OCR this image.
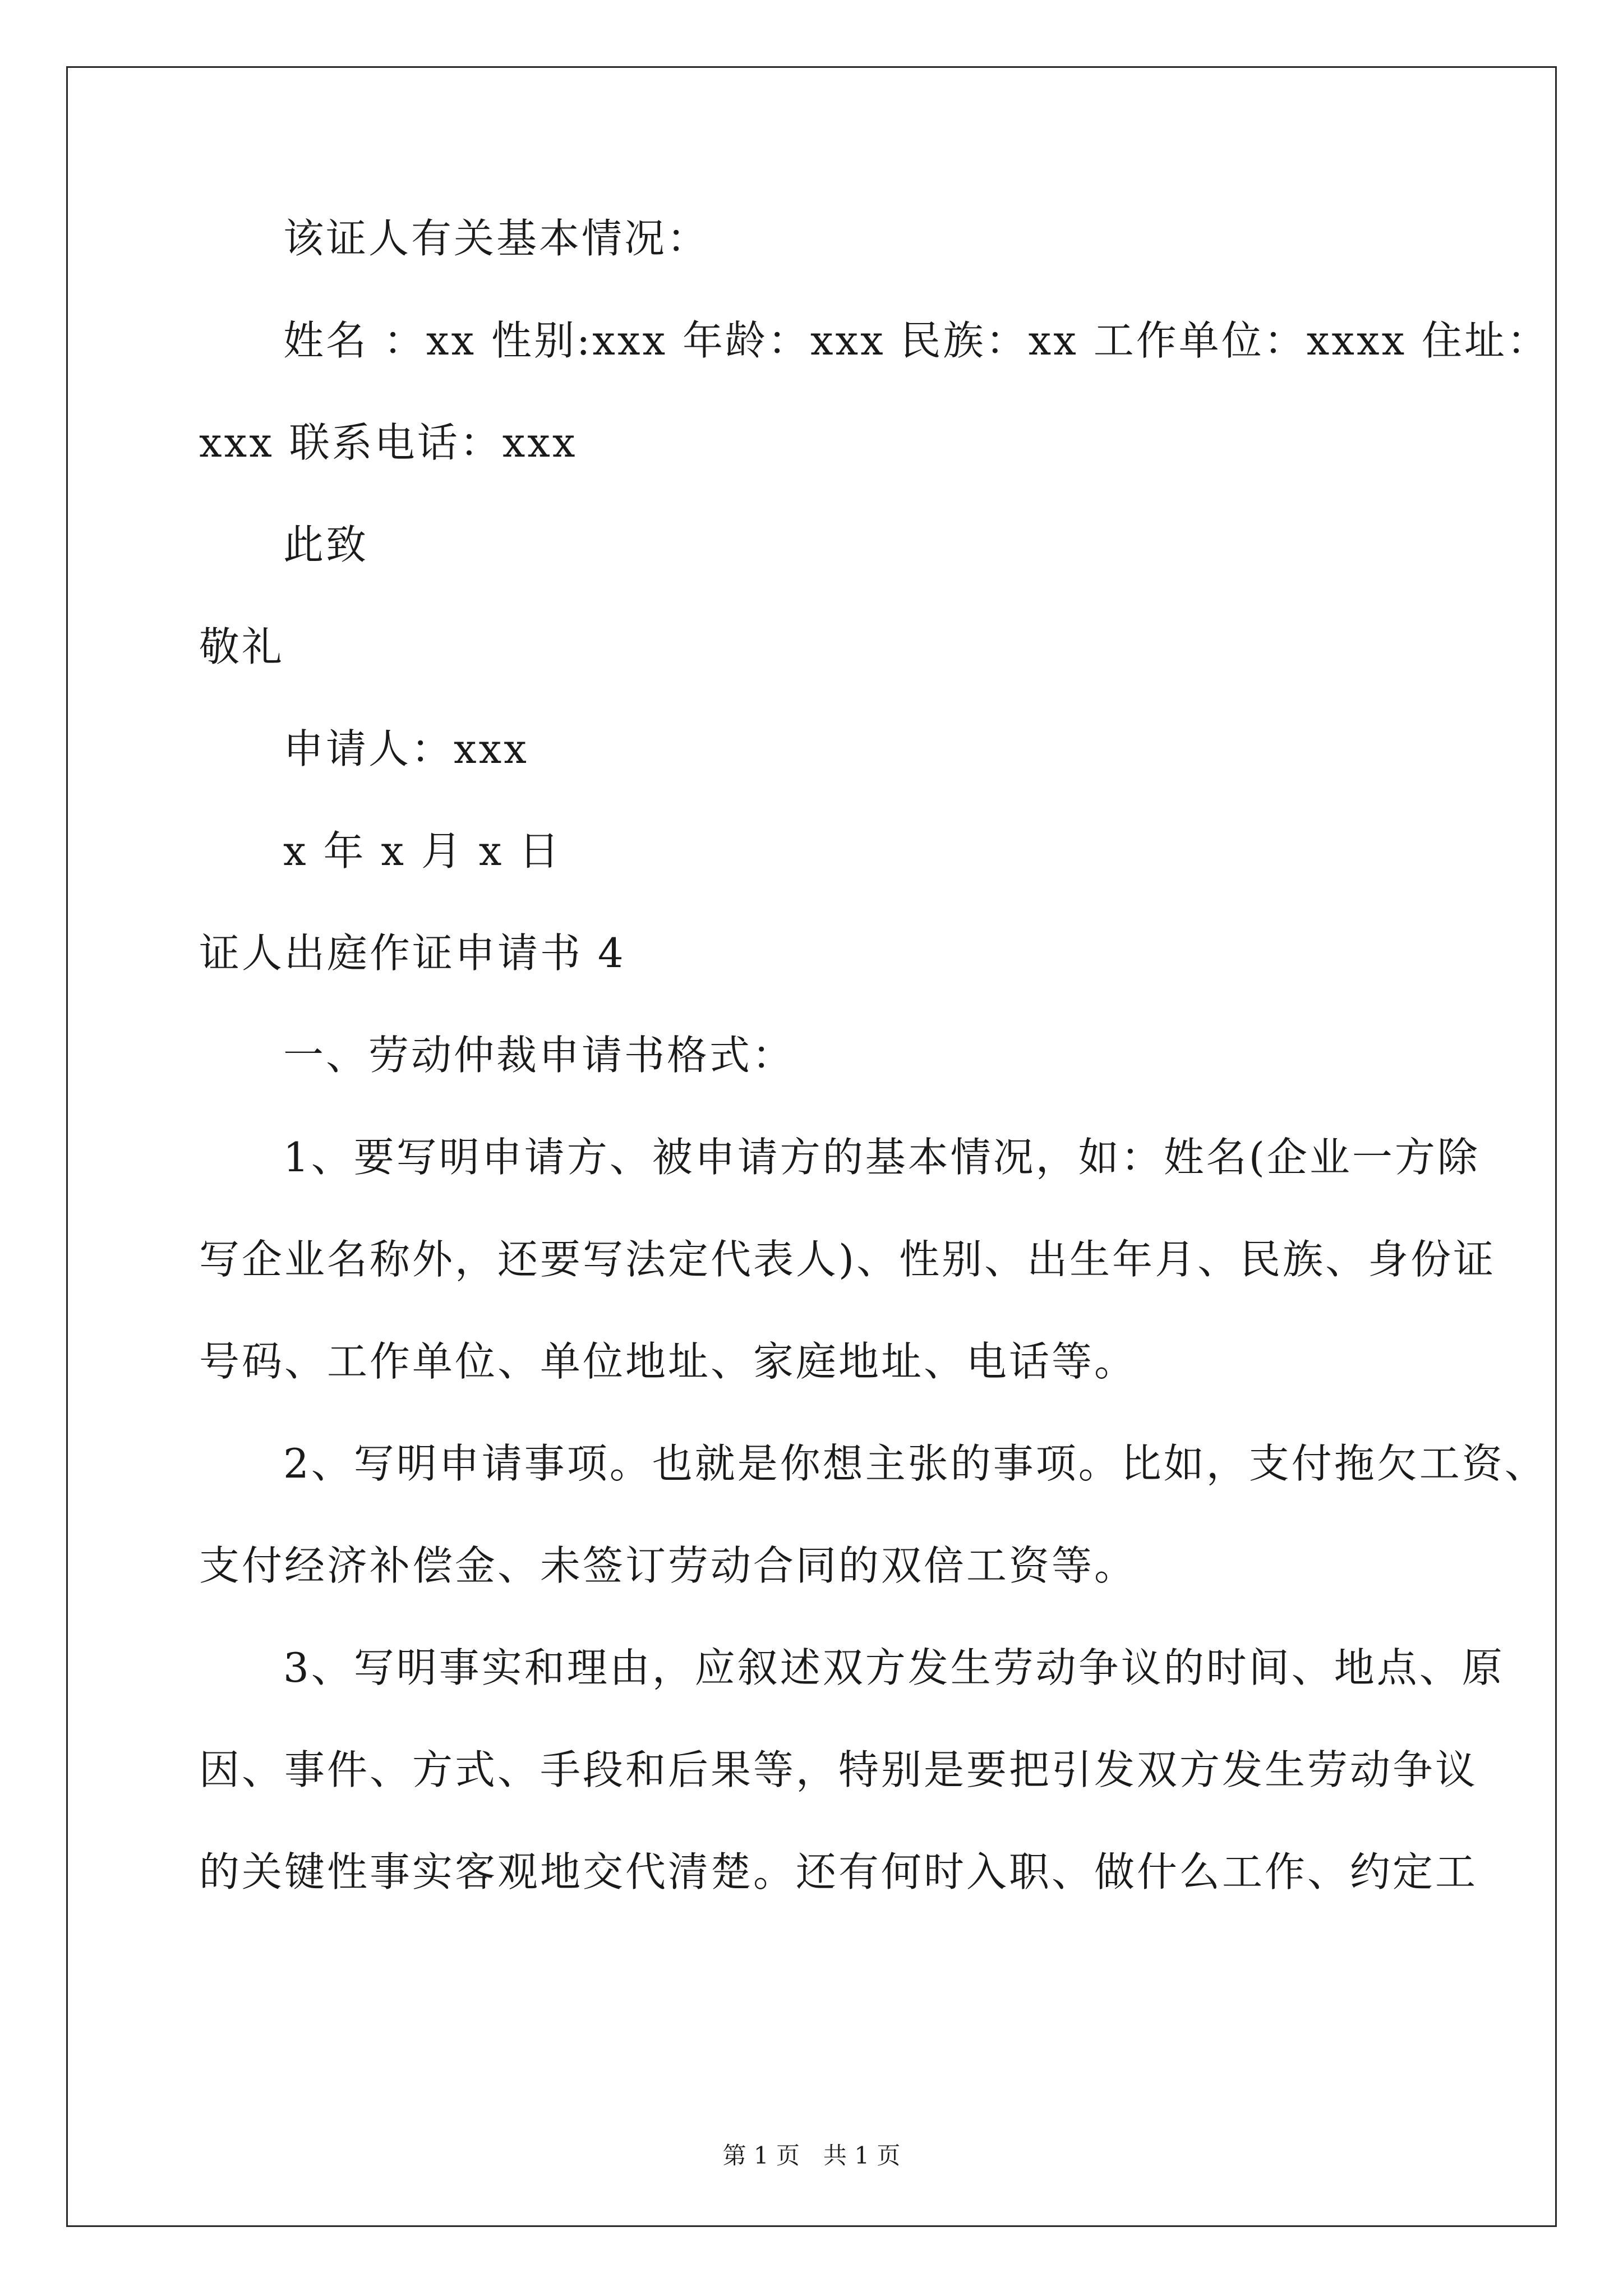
该证人有关基本情况：
姓名 ：xx 性别:xxx 年龄：xxx 民族：xx 工作单位：xxxx 住址：
xxx 联系电话：xxx
此致
敬礼
申请人：xxx
x 年 x 月 x 日
证人出庭作证申请书 4
一、劳动仲裁申请书格式：
1、要写明申请方、被申请方的基本情况，如：姓名(企业一方除
写企业名称外，还要写法定代表人)、性别、出生年月、民族、身份证
号码、工作单位、单位地址、家庭地址、电话等。
2、写明申请事项。也就是你想主张的事项。比如，支付拖欠工资、
支付经济补偿金、未签订劳动合同的双倍工资等。
3、写明事实和理由，应叙述双方发生劳动争议的时间、地点、原
因、事件、方式、手段和后果等，特别是要把引发双方发生劳动争议
的关键性事实客观地交代清楚。还有何时入职、做什么工作、约定工
第 1 页　共 1 页
